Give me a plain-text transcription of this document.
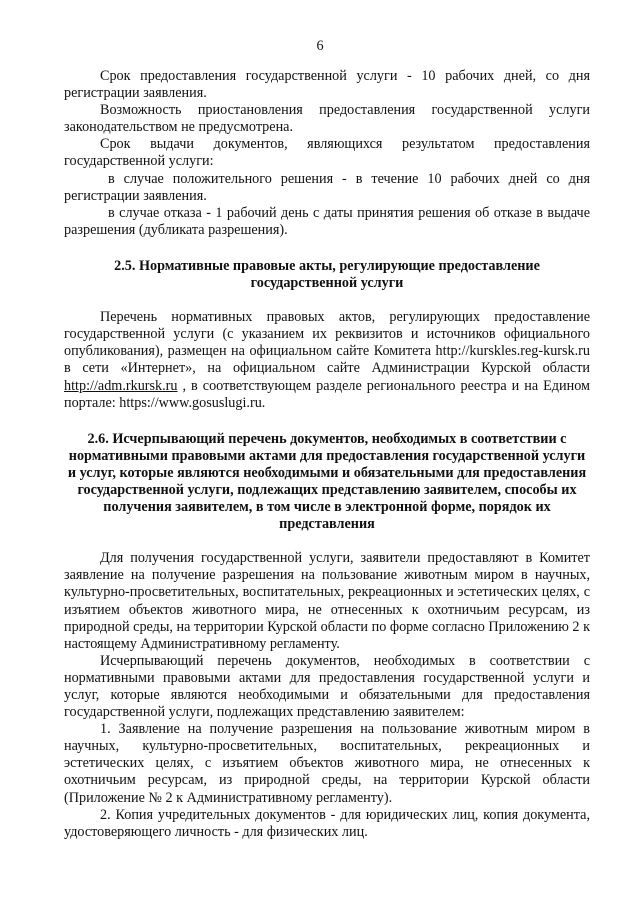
6

Срок предоставления государственной услуги - 10 рабочих дней, со дня регистрации заявления.

Возможность приостановления предоставления государственной услуги законодательством не предусмотрена.

Срок выдачи документов, являющихся результатом предоставления государственной услуги:

в случае положительного решения - в течение 10 рабочих дней со дня регистрации заявления.

в случае отказа - 1 рабочий день с даты принятия решения об отказе в выдаче разрешения (дубликата разрешения).

2.5. Нормативные правовые акты, регулирующие предоставление государственной услуги

Перечень нормативных правовых актов, регулирующих предоставление государственной услуги (с указанием их реквизитов и источников официального опубликования), размещен на официальном сайте Комитета http://kurskles.reg-kursk.ru в сети «Интернет», на официальном сайте Администрации Курской области http://adm.rkursk.ru , в соответствующем разделе регионального реестра и на Едином портале: https://www.gosuslugi.ru.

2.6. Исчерпывающий перечень документов, необходимых в соответствии с нормативными правовыми актами для предоставления государственной услуги и услуг, которые являются необходимыми и обязательными для предоставления государственной услуги, подлежащих представлению заявителем, способы их получения заявителем, в том числе в электронной форме, порядок их представления

Для получения государственной услуги, заявители предоставляют в Комитет заявление на получение разрешения на пользование животным миром в научных, культурно-просветительных, воспитательных, рекреационных и эстетических целях, с изъятием объектов животного мира, не отнесенных к охотничьим ресурсам, из природной среды, на территории Курской области по форме согласно Приложению 2 к настоящему Административному регламенту.

Исчерпывающий перечень документов, необходимых в соответствии с нормативными правовыми актами для предоставления государственной услуги и услуг, которые являются необходимыми и обязательными для предоставления государственной услуги, подлежащих представлению заявителем:

1. Заявление на получение разрешения на пользование животным миром в научных, культурно-просветительных, воспитательных, рекреационных и эстетических целях, с изъятием объектов животного мира, не отнесенных к охотничьим ресурсам, из природной среды, на территории Курской области (Приложение № 2 к Административному регламенту).

2. Копия учредительных документов - для юридических лиц, копия документа, удостоверяющего личность - для физических лиц.
